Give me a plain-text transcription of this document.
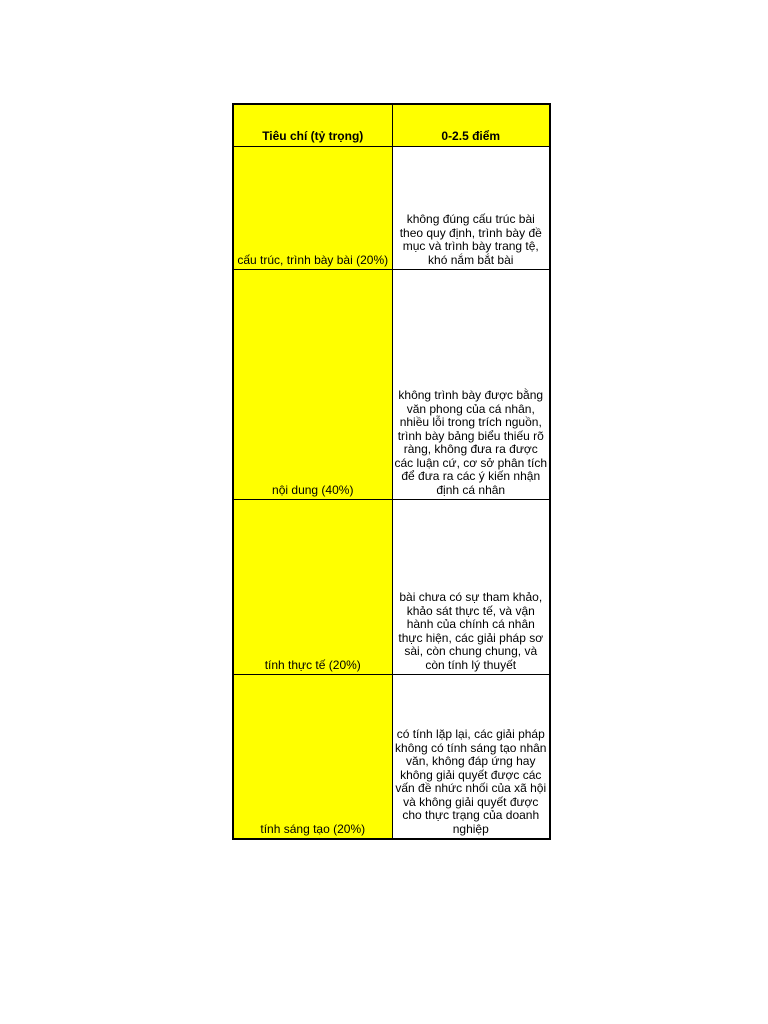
Tiêu chí (tỷ trọng)	0-2.5 điểm

cấu trúc, trình bày bài (20%)	không đúng cấu trúc bài theo quy định, trình bày đề mục và trình bày trang tệ, khó nắm bắt bài

nội dung (40%)	không trình bày được bằng văn phong của cá nhân, nhiều lỗi trong trích nguồn, trình bày bảng biểu thiếu rõ ràng, không đưa ra được các luận cứ, cơ sở phân tích để đưa ra các ý kiến nhận định cá nhân

tính thực tế (20%)	bài chưa có sự tham khảo, khảo sát thực tế, và vận hành của chính cá nhân thực hiện, các giải pháp sơ sài, còn chung chung, và còn tính lý thuyết

tính sáng tạo (20%)	có tính lặp lại, các giải pháp không có tính sáng tạo nhân văn, không đáp ứng hay không giải quyết được các vấn đề nhức nhối của xã hội và không giải quyết được cho thực trạng của doanh nghiệp
